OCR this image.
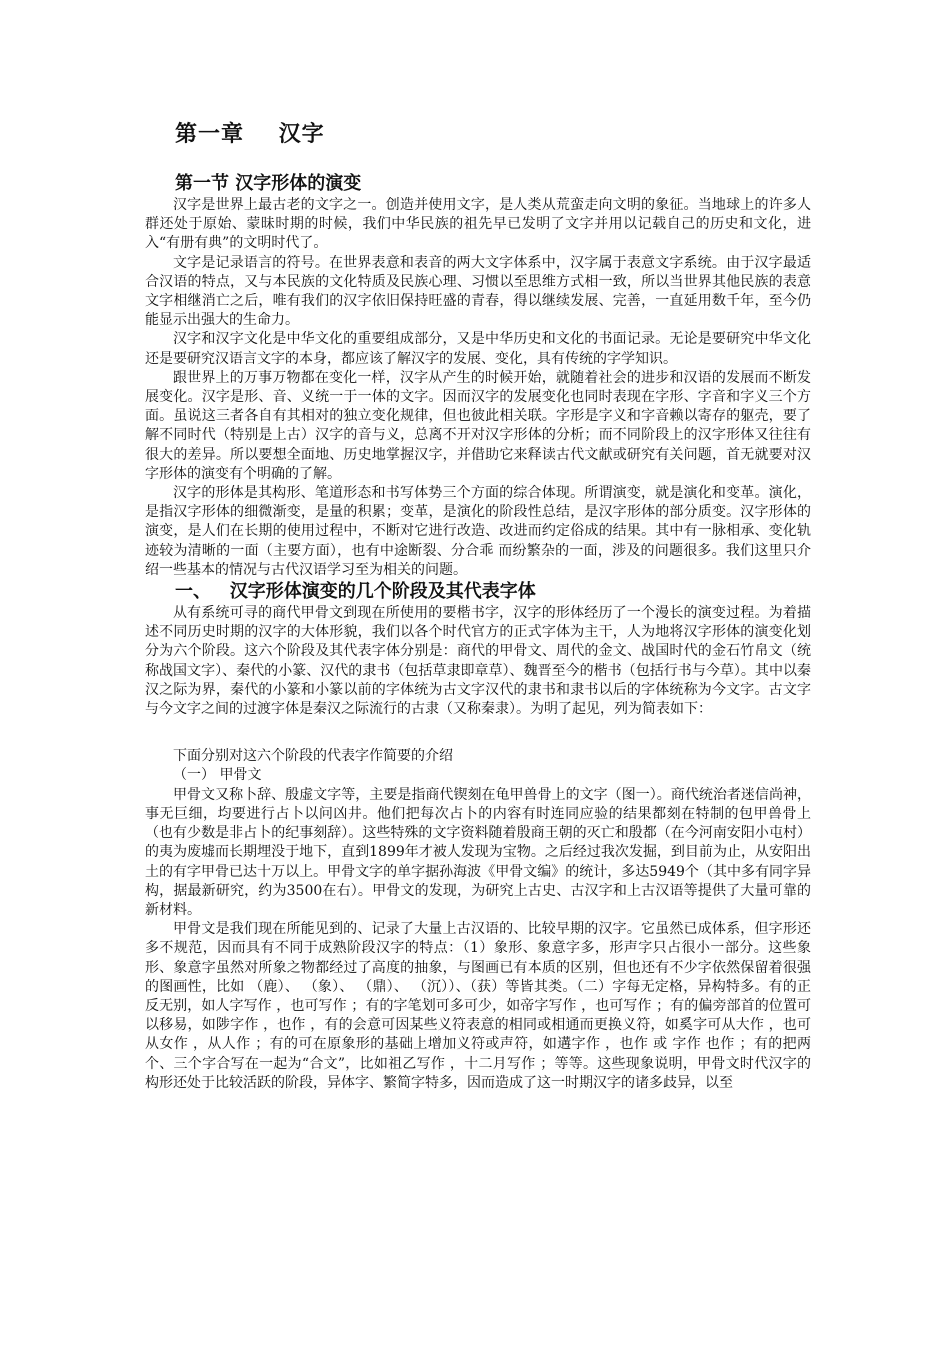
第一章    汉字
第一节 汉字形体的演变

汉字是世界上最古老的文字之一。创造并使用文字，是人类从荒蛮走向文明的象征。当地球上的许多人群还处于原始、蒙昧时期的时候，我们中华民族的祖先早已发明了文字并用以记载自己的历史和文化，进入“有册有典”的文明时代了。

文字是记录语言的符号。在世界表意和表音的两大文字体系中，汉字属于表意文字系统。由于汉字最适合汉语的特点，又与本民族的文化特质及民族心理、习惯以至思维方式相一致，所以当世界其他民族的表意文字相继消亡之后，唯有我们的汉字依旧保持旺盛的青春，得以继续发展、完善，一直延用数千年，至今仍能显示出强大的生命力。

汉字和汉字文化是中华文化的重要组成部分，又是中华历史和文化的书面记录。无论是要研究中华文化还是要研究汉语言文字的本身，都应该了解汉字的发展、变化，具有传统的字学知识。

跟世界上的万事万物都在变化一样，汉字从产生的时候开始，就随着社会的进步和汉语的发展而不断发展变化。汉字是形、音、义统一于一体的文字。因而汉字的发展变化也同时表现在字形、字音和字义三个方面。虽说这三者各自有其相对的独立变化规律，但也彼此相关联。字形是字义和字音赖以寄存的躯壳，要了解不同时代（特别是上古）汉字的音与义，总离不开对汉字形体的分析；而不同阶段上的汉字形体又往往有很大的差异。所以要想全面地、历史地掌握汉字，并借助它来释读古代文献或研究有关问题，首无就要对汉字形体的演变有个明确的了解。

汉字的形体是其构形、笔道形态和书写体势三个方面的综合体现。所谓演变，就是演化和变革。演化，是指汉字形体的细微渐变，是量的积累；变革，是演化的阶段性总结，是汉字形体的部分质变。汉字形体的演变，是人们在长期的使用过程中，不断对它进行改造、改进而约定俗成的结果。其中有一脉相承、变化轨迹较为清晰的一面（主要方面），也有中途断裂、分合乖 而纷繁杂的一面，涉及的问题很多。我们这里只介绍一些基本的情况与古代汉语学习至为相关的问题。

一、   汉字形体演变的几个阶段及其代表字体

从有系统可寻的商代甲骨文到现在所使用的要楷书字，汉字的形体经历了一个漫长的演变过程。为着描述不同历史时期的汉字的大体形貌，我们以各个时代官方的正式字体为主干，人为地将汉字形体的演变化划分为六个阶段。这六个阶段及其代表字体分别是：商代的甲骨文、周代的金文、战国时代的金石竹帛文（统称战国文字）、秦代的小篆、汉代的隶书（包括草隶即章草）、魏晋至今的楷书（包括行书与今草）。其中以秦汉之际为界，秦代的小篆和小篆以前的字体统为古文字汉代的隶书和隶书以后的字体统称为今文字。古文字与今文字之间的过渡字体是秦汉之际流行的古隶（又称秦隶）。为明了起见，列为简表如下：

下面分别对这六个阶段的代表字作简要的介绍

（一） 甲骨文

甲骨文又称卜辞、殷虚文字等，主要是指商代锲刻在龟甲兽骨上的文字（图一）。商代统治者迷信尚神，事无巨细，均要进行占卜以问凶井。他们把每次占卜的内容有时连同应验的结果都刻在特制的包甲兽骨上（也有少数是非占卜的纪事刻辞）。这些特殊的文字资料随着殷商王朝的灭亡和殷都（在今河南安阳小屯村）的夷为废墟而长期埋没于地下，直到1899年才被人发现为宝物。之后经过我次发掘，到目前为止，从安阳出土的有字甲骨已达十万以上。甲骨文字的单字据孙海波《甲骨文编》的统计，多达5949个（其中多有同字异构，据最新研究，约为3500在右）。甲骨文的发现，为研究上古史、古汉字和上古汉语等提供了大量可靠的新材料。

甲骨文是我们现在所能见到的、记录了大量上古汉语的、比较早期的汉字。它虽然已成体系，但字形还多不规范，因而具有不同于成熟阶段汉字的特点：（1）象形、象意字多，形声字只占很小一部分。这些象形、象意字虽然对所象之物都经过了高度的抽象，与图画已有本质的区别，但也还有不少字依然保留着很强的图画性，比如 （鹿）、 （象）、 （鼎）、 （沉））、（获）等皆其类。（二）字每无定格，异构特多。有的正反无别，如人字写作 ，也可写作 ；有的字笔划可多可少，如帝字写作 ，也可写作 ；有的偏旁部首的位置可以移易，如陟字作 ，也作 ，有的会意可因某些义符表意的相同或相通而更换义符，如奚字可从大作 ，也可从女作 ，从人作 ；有的可在原象形的基础上增加义符或声符，如遘字作 ，也作 或 字作 也作 ；有的把两个、三个字合写在一起为“合文”，比如祖乙写作 ，十二月写作 ；等等。这些现象说明，甲骨文时代汉字的构形还处于比较活跃的阶段，异体字、繁简字特多，因而造成了这一时期汉字的诸多歧异，以至
